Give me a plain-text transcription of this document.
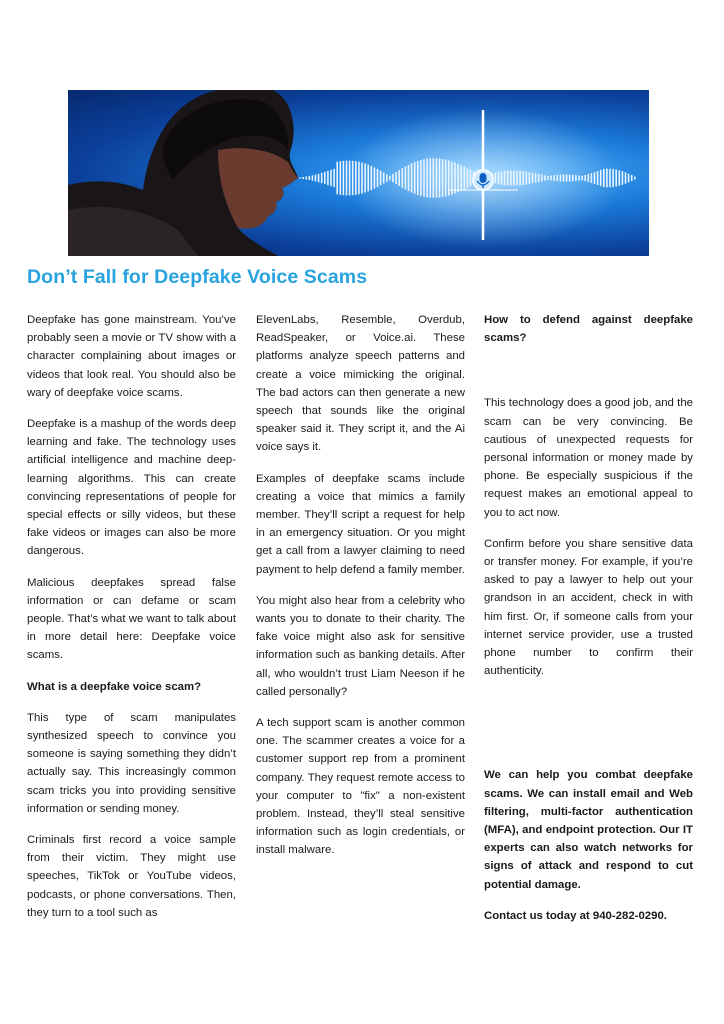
Don’t Fall for Deepfake Voice Scams

Deepfake has gone mainstream. You’ve probably seen a movie or TV show with a character complaining about images or videos that look real. You should also be wary of deepfake voice scams.

Deepfake is a mashup of the words deep learning and fake. The technology uses artificial intelligence and machine deep-learning algorithms. This can create convincing representations of people for special effects or silly videos, but these fake videos or images can also be more dangerous.

Malicious deepfakes spread false information or can defame or scam people. That’s what we want to talk about in more detail here: Deepfake voice scams.

What is a deepfake voice scam?

This type of scam manipulates synthesized speech to convince you someone is saying something they didn’t actually say. This increasingly common scam tricks you into providing sensitive information or sending money.

Criminals first record a voice sample from their victim. They might use speeches, TikTok or YouTube videos, podcasts, or phone conversations. Then, they turn to a tool such as

ElevenLabs, Resemble, Overdub, ReadSpeaker, or Voice.ai. These platforms analyze speech patterns and create a voice mimicking the original. The bad actors can then generate a new speech that sounds like the original speaker said it. They script it, and the Ai voice says it.

Examples of deepfake scams include creating a voice that mimics a family member. They’ll script a request for help in an emergency situation. Or you might get a call from a lawyer claiming to need payment to help defend a family member.

You might also hear from a celebrity who wants you to donate to their charity. The fake voice might also ask for sensitive information such as banking details. After all, who wouldn’t trust Liam Neeson if he called personally?

A tech support scam is another common one. The scammer creates a voice for a customer support rep from a prominent company. They request remote access to your computer to "fix" a non-existent problem. Instead, they’ll steal sensitive information such as login credentials, or install malware.

How to defend against deepfake scams?

This technology does a good job, and the scam can be very convincing. Be cautious of unexpected requests for personal information or money made by phone. Be especially suspicious if the request makes an emotional appeal to you to act now.

Confirm before you share sensitive data or transfer money. For example, if you’re asked to pay a lawyer to help out your grandson in an accident, check in with him first. Or, if someone calls from your internet service provider, use a trusted phone number to confirm their authenticity.

We can help you combat deepfake scams. We can install email and Web filtering, multi-factor authentication (MFA), and endpoint protection. Our IT experts can also watch networks for signs of attack and respond to cut potential damage.

Contact us today at 940-282-0290.
